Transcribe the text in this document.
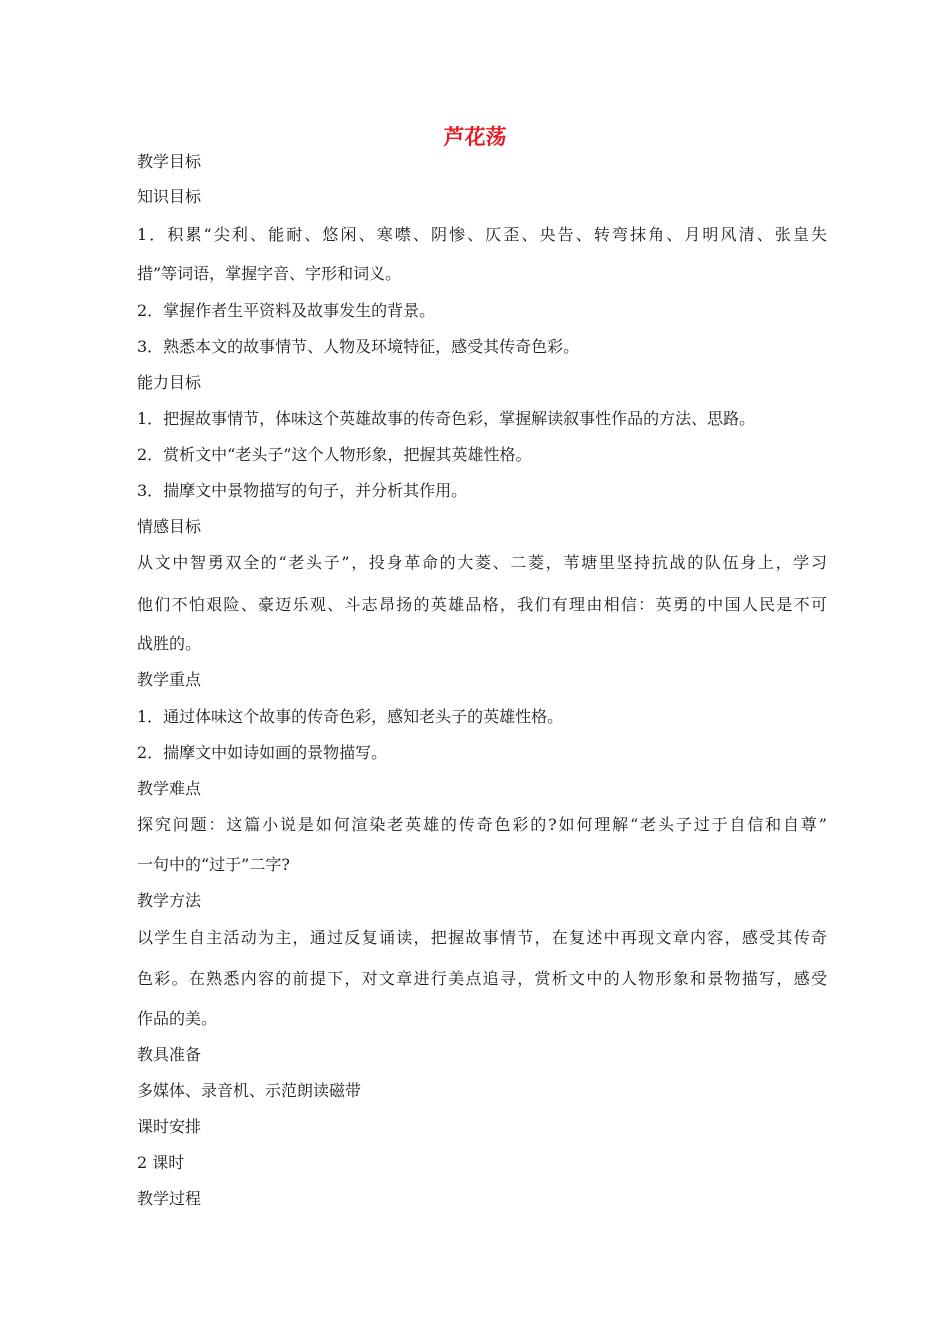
芦花荡

教学目标

知识目标

1．积累“尖利、能耐、悠闲、寒噤、阴惨、仄歪、央告、转弯抹角、月明风清、张皇失

措”等词语，掌握字音、字形和词义。

2．掌握作者生平资料及故事发生的背景。

3．熟悉本文的故事情节、人物及环境特征，感受其传奇色彩。

能力目标

1．把握故事情节，体味这个英雄故事的传奇色彩，掌握解读叙事性作品的方法、思路。

2．赏析文中“老头子”这个人物形象，把握其英雄性格。

3．揣摩文中景物描写的句子，并分析其作用。

情感目标

从文中智勇双全的“老头子”，投身革命的大菱、二菱，苇塘里坚持抗战的队伍身上，学习

他们不怕艰险、豪迈乐观、斗志昂扬的英雄品格，我们有理由相信：英勇的中国人民是不可

战胜的。

教学重点

1．通过体味这个故事的传奇色彩，感知老头子的英雄性格。

2．揣摩文中如诗如画的景物描写。

教学难点

探究问题：这篇小说是如何渲染老英雄的传奇色彩的?如何理解“老头子过于自信和自尊”

一句中的“过于”二字?

教学方法

以学生自主活动为主，通过反复诵读，把握故事情节，在复述中再现文章内容，感受其传奇

色彩。在熟悉内容的前提下，对文章进行美点追寻，赏析文中的人物形象和景物描写，感受

作品的美。

教具准备

多媒体、录音机、示范朗读磁带

课时安排

2 课时

教学过程
